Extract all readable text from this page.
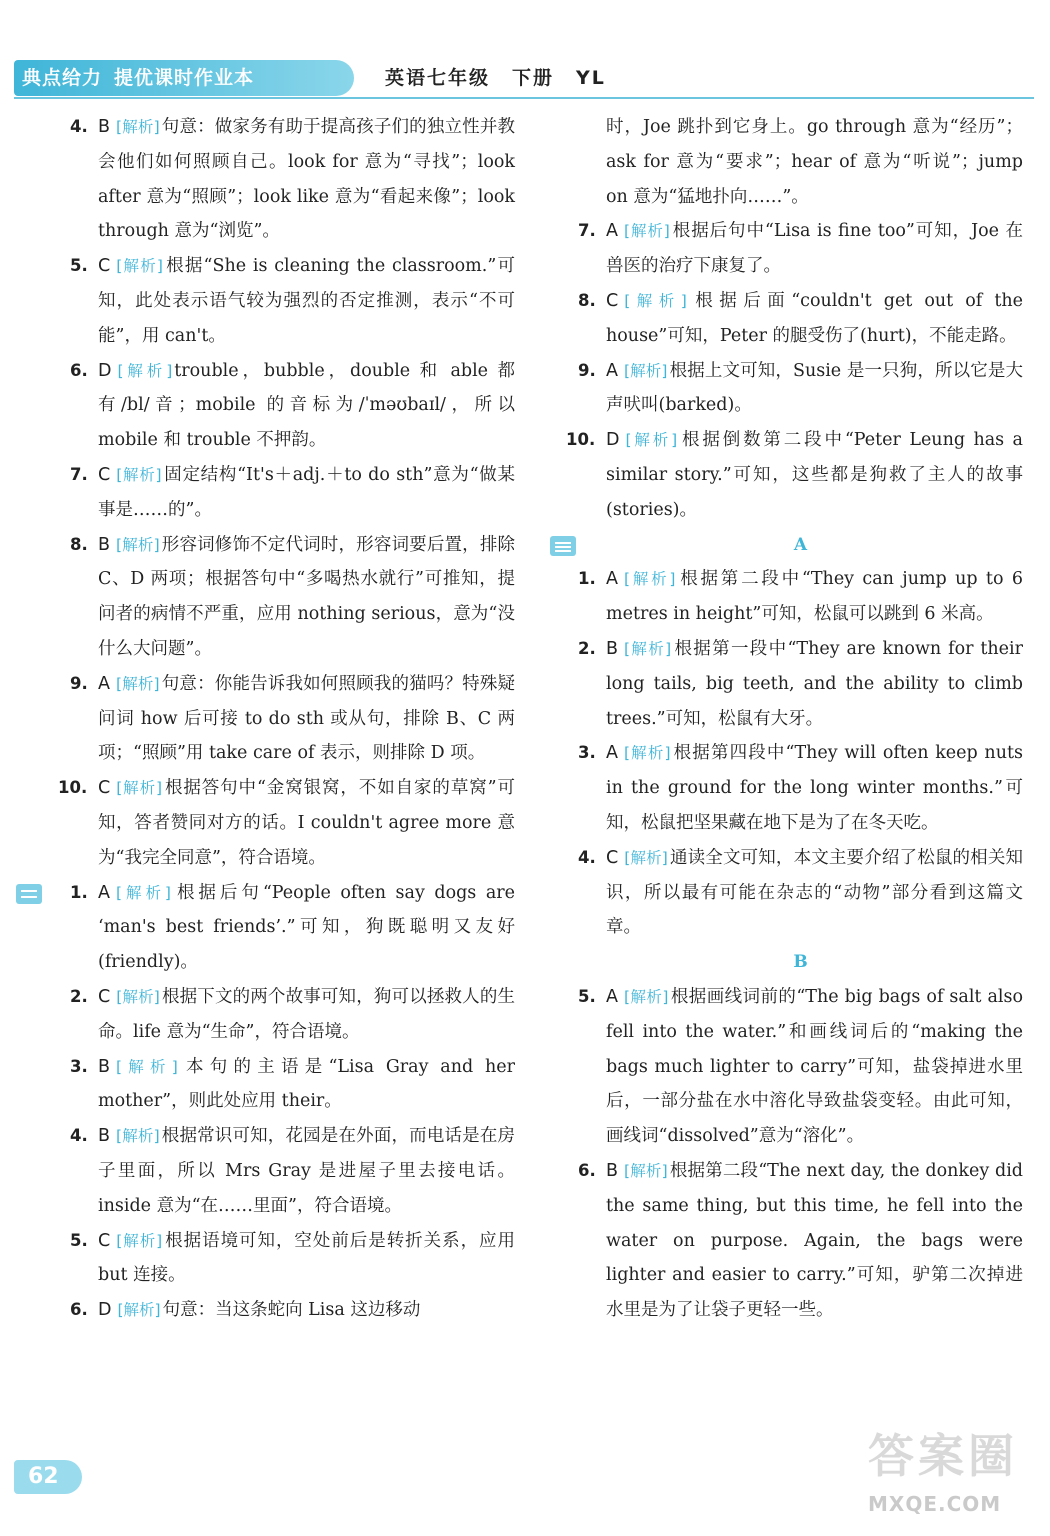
典点给力 提优课时作业本	英语七年级 下册 YL
4. B [解析] 句意：做家务有助于提高孩子们的独立性并教会他们如何照顾自己。look for 意为“寻找”；look after 意为“照顾”；look like 意为“看起来像”；look through 意为“浏览”。
5. C [解析] 根据“She is cleaning the classroom.”可知，此处表示语气较为强烈的否定推测，表示“不可能”，用 can't。
6. D [解析] trouble，bubble，double 和 able 都有/bl/音；mobile 的音标为/ˈməʊbaɪl/，所以 mobile 和 trouble 不押韵。
7. C [解析] 固定结构“It's＋adj.＋to do sth”意为“做某事是……的”。
8. B [解析] 形容词修饰不定代词时，形容词要后置，排除 C、D 两项；根据答句中“多喝热水就行”可推知，提问者的病情不严重，应用 nothing serious，意为“没什么大问题”。
9. A [解析] 句意：你能告诉我如何照顾我的猫吗？特殊疑问词 how 后可接 to do sth 或从句，排除 B、C 两项；“照顾”用 take care of 表示，则排除 D 项。
10. C [解析] 根据答句中“金窝银窝，不如自家的草窝”可知，答者赞同对方的话。I couldn't agree more 意为“我完全同意”，符合语境。
1. A [解析] 根据后句“People often say dogs are ‘man's best friends’.”可知，狗既聪明又友好(friendly)。
2. C [解析] 根据下文的两个故事可知，狗可以拯救人的生命。life 意为“生命”，符合语境。
3. B [解析] 本句的主语是“Lisa Gray and her mother”，则此处应用 their。
4. B [解析] 根据常识可知，花园是在外面，而电话是在房子里面，所以 Mrs Gray 是进屋子里去接电话。inside 意为“在……里面”，符合语境。
5. C [解析] 根据语境可知，空处前后是转折关系，应用 but 连接。
6. D [解析] 句意：当这条蛇向 Lisa 这边移动
时，Joe 跳扑到它身上。go through 意为“经历”；ask for 意为“要求”；hear of 意为“听说”；jump on 意为“猛地扑向……”。
7. A [解析] 根据后句中“Lisa is fine too”可知，Joe 在兽医的治疗下康复了。
8. C [解析] 根据后面“couldn't get out of the house”可知，Peter 的腿受伤了(hurt)，不能走路。
9. A [解析] 根据上文可知，Susie 是一只狗，所以它是大声吠叫(barked)。
10. D [解析] 根据倒数第二段中“Peter Leung has a similar story.”可知，这些都是狗救了主人的故事(stories)。
A
1. A [解析] 根据第二段中“They can jump up to 6 metres in height”可知，松鼠可以跳到 6 米高。
2. B [解析] 根据第一段中“They are known for their long tails, big teeth, and the ability to climb trees.”可知，松鼠有大牙。
3. A [解析] 根据第四段中“They will often keep nuts in the ground for the long winter months.”可知，松鼠把坚果藏在地下是为了在冬天吃。
4. C [解析] 通读全文可知，本文主要介绍了松鼠的相关知识，所以最有可能在杂志的“动物”部分看到这篇文章。
B
5. A [解析] 根据画线词前的“The big bags of salt also fell into the water.”和画线词后的“making the bags much lighter to carry”可知，盐袋掉进水里后，一部分盐在水中溶化导致盐袋变轻。由此可知，画线词“dissolved”意为“溶化”。
6. B [解析] 根据第二段“The next day, the donkey did the same thing, but this time, he fell into the water on purpose. Again, the bags were lighter and easier to carry.”可知，驴第二次掉进水里是为了让袋子更轻一些。
62	答案圈
MXQE.COM
